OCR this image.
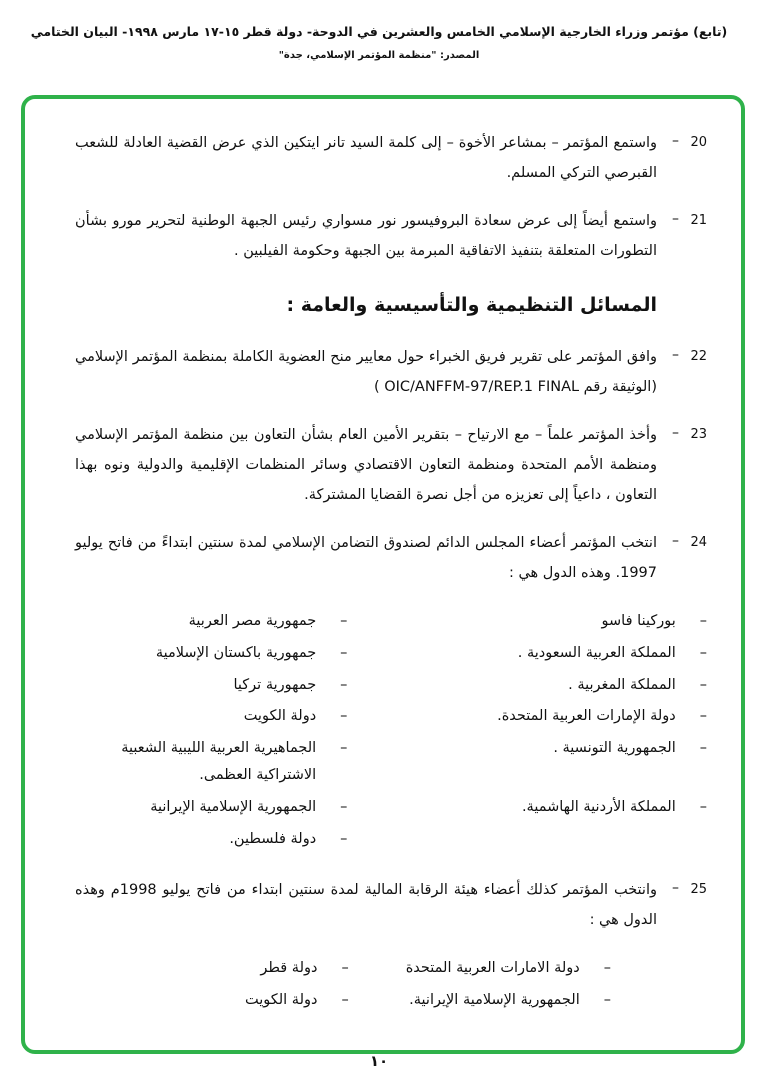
(تابع) مؤتمر وزراء الخارجية الإسلامي الخامس والعشرين في الدوحة- دولة قطر ١٥-١٧ مارس ١٩٩٨- البيان الختامي
المصدر: "منظمة المؤتمر الإسلامي، جدة"
20
–
واستمع المؤتمر – بمشاعر الأخوة – إلى كلمة السيد تانر ايتكين الذي عرض القضية العادلة للشعب القبرصي التركي المسلم.
21
–
واستمع أيضاً إلى عرض سعادة البروفيسور نور مسواري رئيس الجبهة الوطنية لتحرير مورو بشأن التطورات المتعلقة بتنفيذ الاتفاقية المبرمة بين الجبهة وحكومة الفيلبين .
المسائل التنظيمية والتأسيسية والعامة :
22
–
وافق المؤتمر على تقرير فريق الخبراء حول معايير منح العضوية الكاملة بمنظمة المؤتمر الإسلامي (الوثيقة رقم OIC/ANFFM-97/REP.1 FINAL )
23
–
وأخذ المؤتمر علماً – مع الارتياح – بتقرير الأمين العام بشأن التعاون بين منظمة المؤتمر الإسلامي ومنظمة الأمم المتحدة ومنظمة التعاون الاقتصادي وسائر المنظمات الإقليمية والدولية ونوه بهذا التعاون ، داعياً إلى تعزيزه من أجل نصرة القضايا المشتركة.
24
–
انتخب المؤتمر أعضاء المجلس الدائم لصندوق التضامن الإسلامي لمدة سنتين ابتداءً من فاتح يوليو 1997. وهذه الدول هي :
–
بوركينا فاسو
–
جمهورية مصر العربية
–
المملكة العربية السعودية .
–
جمهورية باكستان الإسلامية
–
المملكة المغربية .
–
جمهورية تركيا
–
دولة الإمارات العربية المتحدة.
–
دولة الكويت
–
الجمهورية التونسية .
–
الجماهيرية العربية الليبية الشعبية الاشتراكية العظمى.
–
المملكة الأردنية الهاشمية.
–
الجمهورية الإسلامية الإيرانية
–
دولة فلسطين.
25
–
وانتخب المؤتمر كذلك أعضاء هيئة الرقابة المالية لمدة سنتين ابتداء من فاتح يوليو 1998م وهذه الدول هي :
–
دولة الامارات العربية المتحدة
–
دولة قطر
–
الجمهورية الإسلامية الإيرانية.
–
دولة الكويت
١٠
